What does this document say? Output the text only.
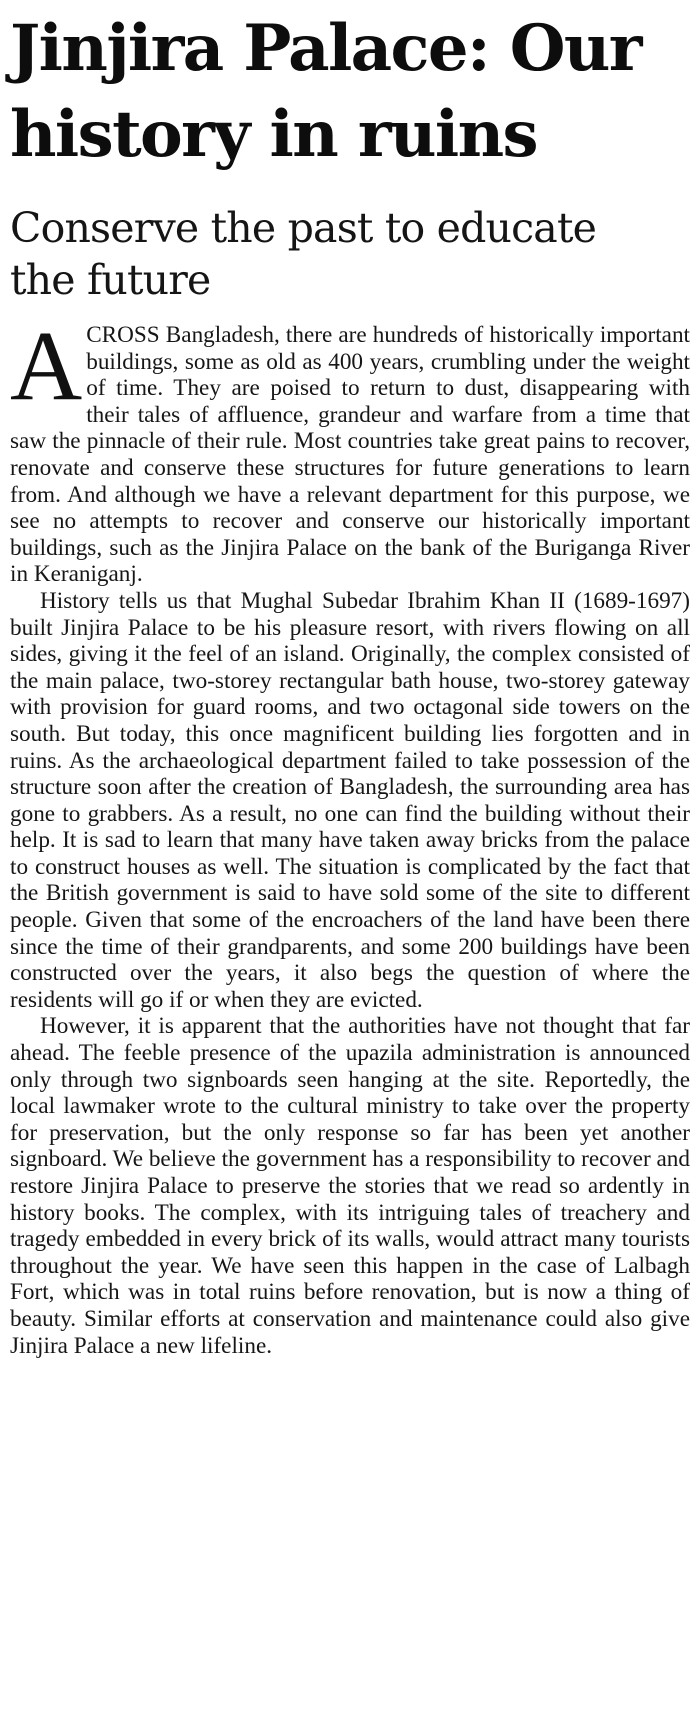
Jinjira Palace: Our history in ruins
Conserve the past to educate the future

ACROSS Bangladesh, there are hundreds of historically important buildings, some as old as 400 years, crumbling under the weight of time. They are poised to return to dust, disappearing with their tales of affluence, grandeur and warfare from a time that saw the pinnacle of their rule. Most countries take great pains to recover, renovate and conserve these structures for future generations to learn from. And although we have a relevant department for this purpose, we see no attempts to recover and conserve our historically important buildings, such as the Jinjira Palace on the bank of the Buriganga River in Keraniganj.

History tells us that Mughal Subedar Ibrahim Khan II (1689-1697) built Jinjira Palace to be his pleasure resort, with rivers flowing on all sides, giving it the feel of an island. Originally, the complex consisted of the main palace, two-storey rectangular bath house, two-storey gateway with provision for guard rooms, and two octagonal side towers on the south. But today, this once magnificent building lies forgotten and in ruins. As the archaeological department failed to take possession of the structure soon after the creation of Bangladesh, the surrounding area has gone to grabbers. As a result, no one can find the building without their help. It is sad to learn that many have taken away bricks from the palace to construct houses as well. The situation is complicated by the fact that the British government is said to have sold some of the site to different people. Given that some of the encroachers of the land have been there since the time of their grandparents, and some 200 buildings have been constructed over the years, it also begs the question of where the residents will go if or when they are evicted.

However, it is apparent that the authorities have not thought that far ahead. The feeble presence of the upazila administration is announced only through two signboards seen hanging at the site. Reportedly, the local lawmaker wrote to the cultural ministry to take over the property for preservation, but the only response so far has been yet another signboard. We believe the government has a responsibility to recover and restore Jinjira Palace to preserve the stories that we read so ardently in history books. The complex, with its intriguing tales of treachery and tragedy embedded in every brick of its walls, would attract many tourists throughout the year. We have seen this happen in the case of Lalbagh Fort, which was in total ruins before renovation, but is now a thing of beauty. Similar efforts at conservation and maintenance could also give Jinjira Palace a new lifeline.
